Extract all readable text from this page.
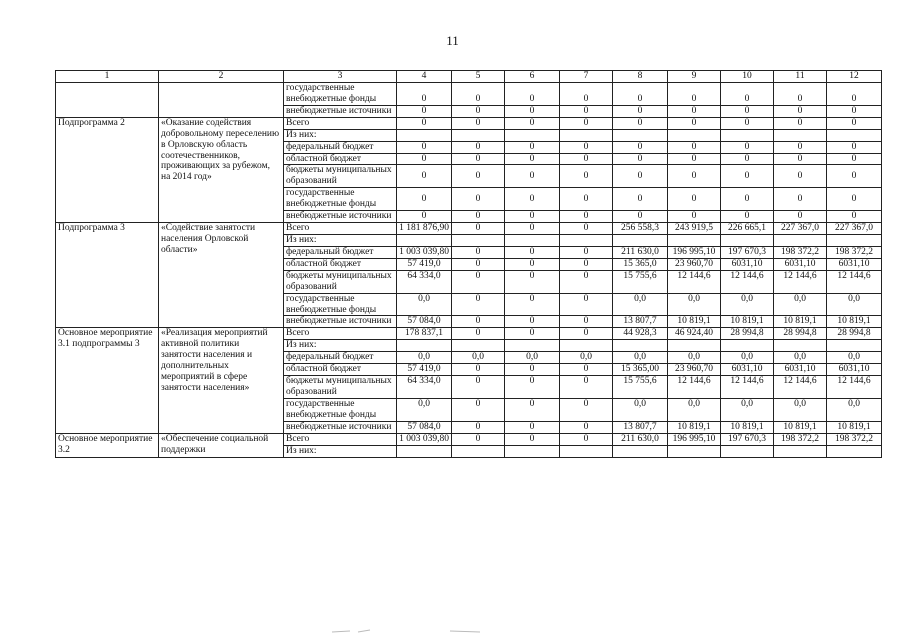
11
1	2	3	4	5	6	7	8	9	10	11	12
		государственные внебюджетные фонды	0	0	0	0	0	0	0	0	0
		внебюджетные источники	0	0	0	0	0	0	0	0	0
Подпрограмма 2	«Оказание содействия добровольному переселению в Орловскую область соотечественников, проживающих за рубежом, на 2014 год»	Всего	0	0	0	0	0	0	0	0	0
		Из них:									
		федеральный бюджет	0	0	0	0	0	0	0	0	0
		областной бюджет	0	0	0	0	0	0	0	0	0
		бюджеты муниципальных образований	0	0	0	0	0	0	0	0	0
		государственные внебюджетные фонды	0	0	0	0	0	0	0	0	0
		внебюджетные источники	0	0	0	0	0	0	0	0	0
Подпрограмма 3	«Содействие занятости населения Орловской области»	Всего	1 181 876,90	0	0	0	256 558,3	243 919,5	226 665,1	227 367,0	227 367,0
		Из них:									
		федеральный бюджет	1 003 039,80	0	0	0	211 630,0	196 995,10	197 670,3	198 372,2	198 372,2
		областной бюджет	57 419,0	0	0	0	15 365,0	23 960,70	6031,10	6031,10	6031,10
		бюджеты муниципальных образований	64 334,0	0	0	0	15 755,6	12 144,6	12 144,6	12 144,6	12 144,6
		государственные внебюджетные фонды	0,0	0	0	0	0,0	0,0	0,0	0,0	0,0
		внебюджетные источники	57 084,0	0	0	0	13 807,7	10 819,1	10 819,1	10 819,1	10 819,1
Основное мероприятие 3.1 подпрограммы 3	«Реализация мероприятий активной политики занятости населения и дополнительных мероприятий в сфере занятости населения»	Всего	178 837,1	0	0	0	44 928,3	46 924,40	28 994,8	28 994,8	28 994,8
		Из них:									
		федеральный бюджет	0,0	0,0	0,0	0,0	0,0	0,0	0,0	0,0	0,0
		областной бюджет	57 419,0	0	0	0	15 365,00	23 960,70	6031,10	6031,10	6031,10
		бюджеты муниципальных образований	64 334,0	0	0	0	15 755,6	12 144,6	12 144,6	12 144,6	12 144,6
		государственные внебюджетные фонды	0,0	0	0	0	0,0	0,0	0,0	0,0	0,0
		внебюджетные источники	57 084,0	0	0	0	13 807,7	10 819,1	10 819,1	10 819,1	10 819,1
Основное мероприятие 3.2	«Обеспечение социальной поддержки	Всего	1 003 039,80	0	0	0	211 630,0	196 995,10	197 670,3	198 372,2	198 372,2
		Из них:									
